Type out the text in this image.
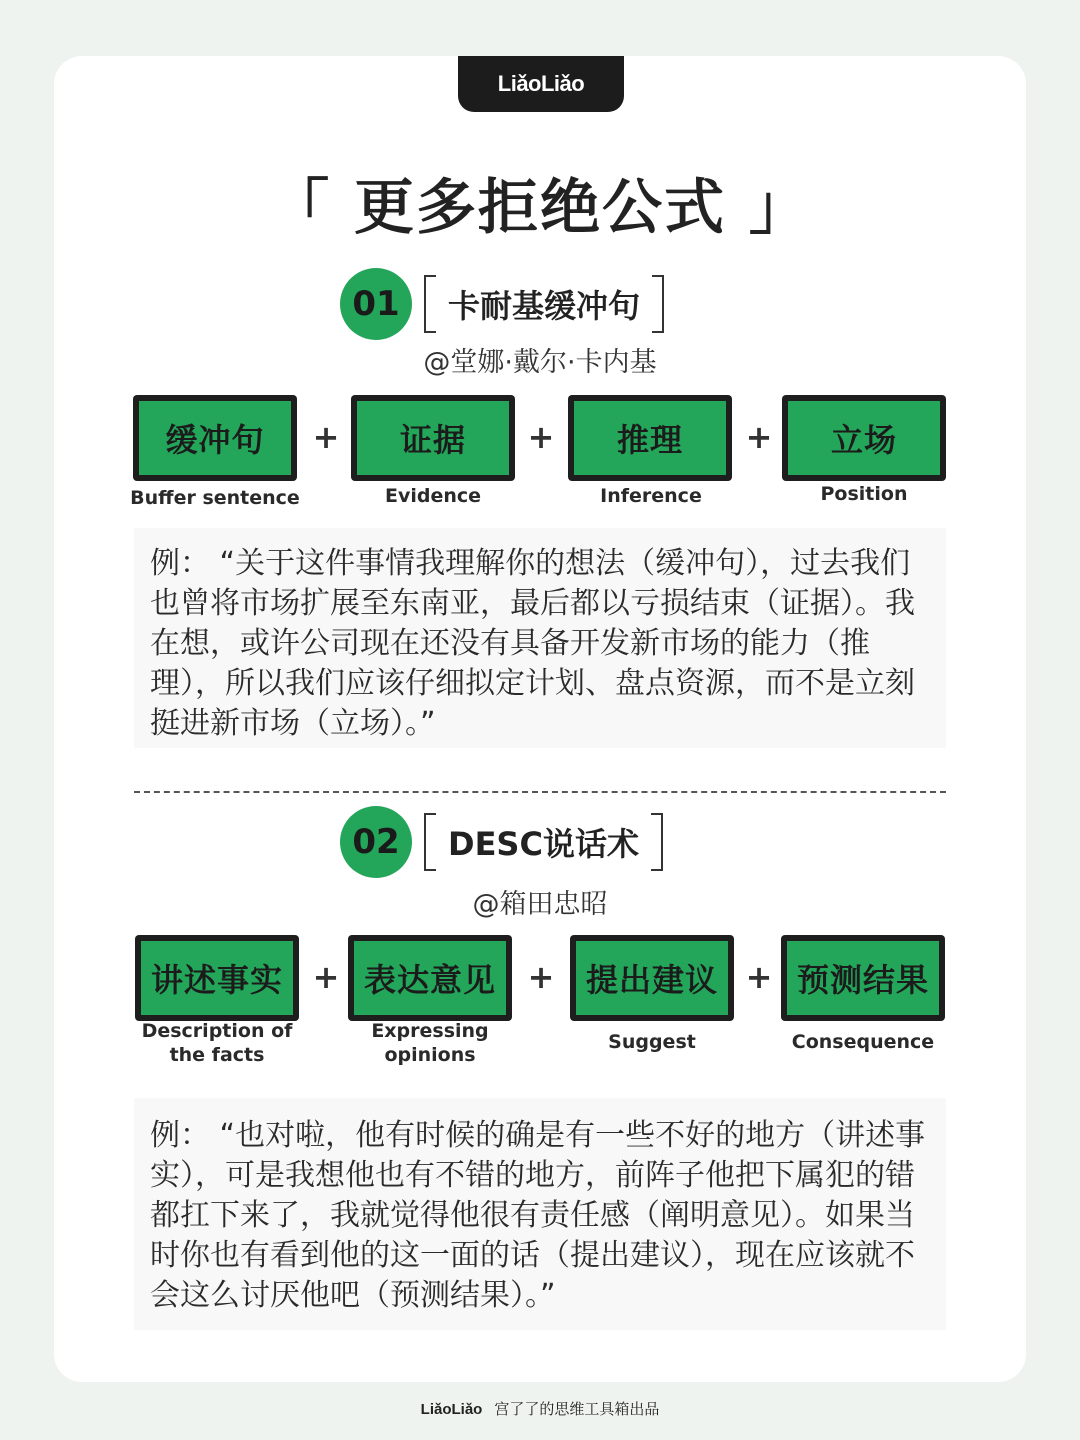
LiǎoLiǎo
「 更多拒绝公式 」
01	卡耐基缓冲句
@堂娜·戴尔·卡内基
缓冲句	+	证据	+	推理	+	立场
Buffer sentence	Evidence	Inference	Position
例： “关于这件事情我理解你的想法（缓冲句），过去我们也曾将市场扩展至东南亚，最后都以亏损结束（证据）。我在想，或许公司现在还没有具备开发新市场的能力（推理），所以我们应该仔细拟定计划、盘点资源，而不是立刻挺进新市场（立场）。”
02	DESC说话术
@箱田忠昭
讲述事实 + 表达意见 + 提出建议 + 预测结果
Description of the facts
Expressing opinions
Suggest	Consequence
例： “也对啦，他有时候的确是有一些不好的地方（讲述事实），可是我想他也有不错的地方，前阵子他把下属犯的错都扛下来了，我就觉得他很有责任感（阐明意见）。如果当时你也有看到他的这一面的话（提出建议），现在应该就不会这么讨厌他吧（预测结果）。”
LiǎoLiǎo 宫了了的思维工具箱出品
